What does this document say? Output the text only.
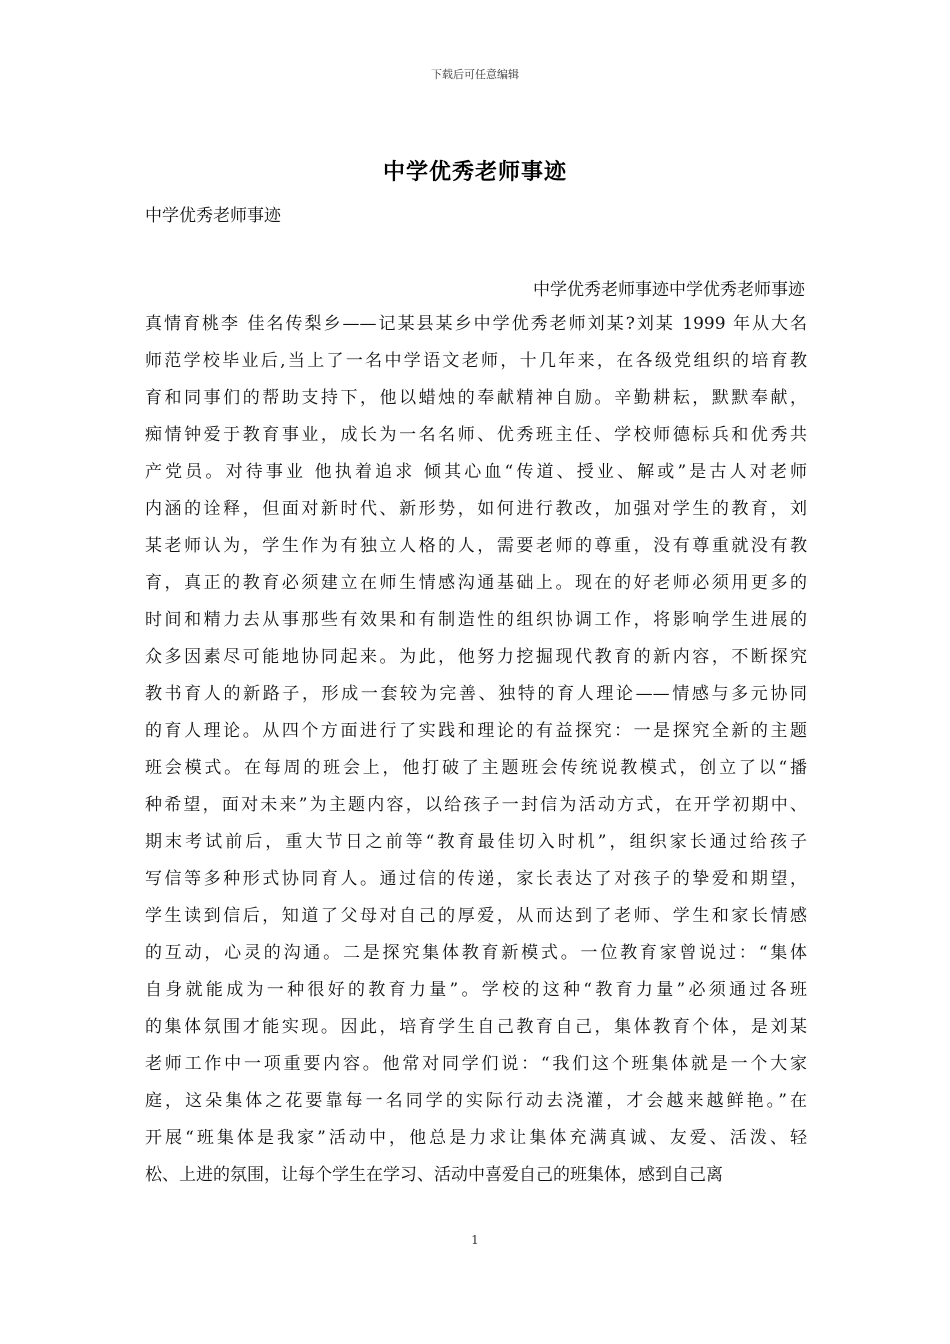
下载后可任意编辑
中学优秀老师事迹
中学优秀老师事迹
中学优秀老师事迹中学优秀老师事迹
真情育桃李 佳名传梨乡——记某县某乡中学优秀老师刘某?刘某 1999 年从大名
师范学校毕业后,当上了一名中学语文老师，十几年来，在各级党组织的培育教
育和同事们的帮助支持下，他以蜡烛的奉献精神自励。辛勤耕耘，默默奉献，
痴情钟爱于教育事业，成长为一名名师、优秀班主任、学校师德标兵和优秀共
产党员。对待事业 他执着追求 倾其心血“传道、授业、解或”是古人对老师
内涵的诠释，但面对新时代、新形势，如何进行教改，加强对学生的教育，刘
某老师认为，学生作为有独立人格的人，需要老师的尊重，没有尊重就没有教
育，真正的教育必须建立在师生情感沟通基础上。现在的好老师必须用更多的
时间和精力去从事那些有效果和有制造性的组织协调工作，将影响学生进展的
众多因素尽可能地协同起来。为此，他努力挖掘现代教育的新内容，不断探究
教书育人的新路子，形成一套较为完善、独特的育人理论——情感与多元协同
的育人理论。从四个方面进行了实践和理论的有益探究：一是探究全新的主题
班会模式。在每周的班会上，他打破了主题班会传统说教模式，创立了以“播
种希望，面对未来”为主题内容，以给孩子一封信为活动方式，在开学初期中、
期末考试前后，重大节日之前等“教育最佳切入时机”，组织家长通过给孩子
写信等多种形式协同育人。通过信的传递，家长表达了对孩子的挚爱和期望，
学生读到信后，知道了父母对自己的厚爱，从而达到了老师、学生和家长情感
的互动，心灵的沟通。二是探究集体教育新模式。一位教育家曾说过：“集体
自身就能成为一种很好的教育力量”。学校的这种“教育力量”必须通过各班
的集体氛围才能实现。因此，培育学生自己教育自己，集体教育个体，是刘某
老师工作中一项重要内容。他常对同学们说：“我们这个班集体就是一个大家
庭，这朵集体之花要靠每一名同学的实际行动去浇灌，才会越来越鲜艳。”在
开展“班集体是我家”活动中，他总是力求让集体充满真诚、友爱、活泼、轻
松、上进的氛围，让每个学生在学习、活动中喜爱自己的班集体，感到自己离
1
